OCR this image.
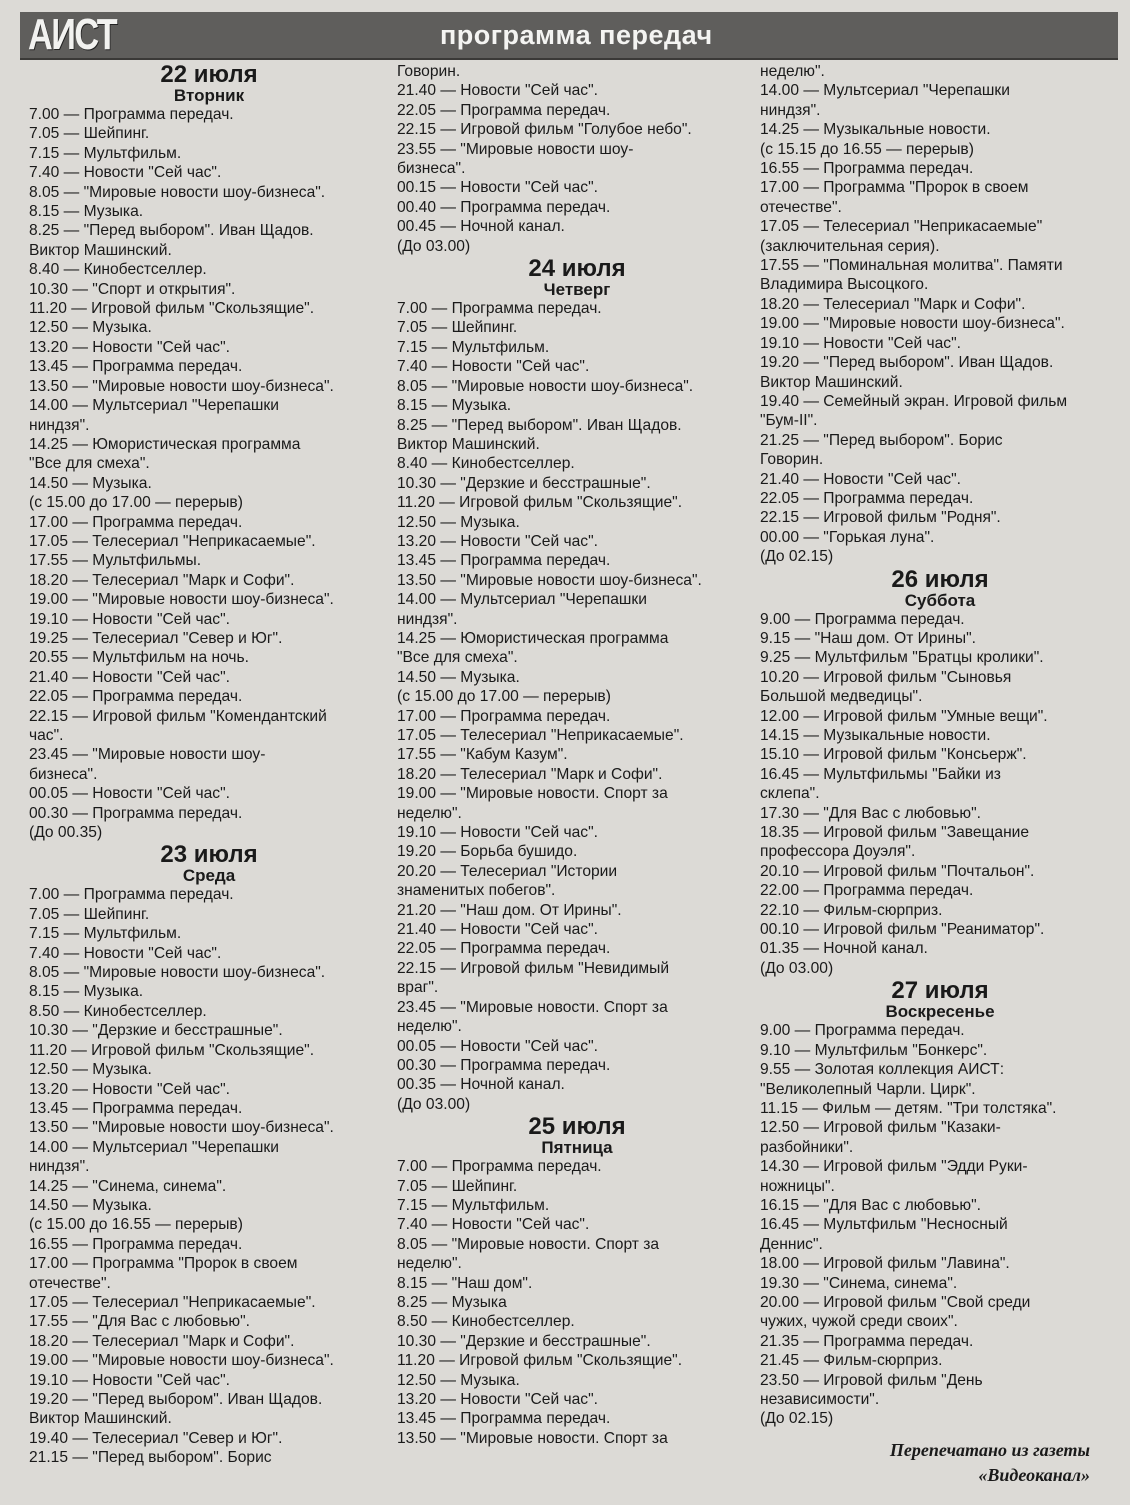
АИСТ	программа передач
22 июля
Вторник
7.00 — Программа передач.
7.05 — Шейпинг.
7.15 — Мультфильм.
7.40 — Новости "Сей час".
8.05 — "Мировые новости шоу-бизнеса".
8.15 — Музыка.
8.25 — "Перед выбором". Иван Щадов.
Виктор Машинский.
8.40 — Кинобестселлер.
10.30 — "Спорт и открытия".
11.20 — Игровой фильм "Скользящие".
12.50 — Музыка.
13.20 — Новости "Сей час".
13.45 — Программа передач.
13.50 — "Мировые новости шоу-бизнеса".
14.00 — Мультсериал "Черепашки
ниндзя".
14.25 — Юмористическая программа
"Все для смеха".
14.50 — Музыка.
(с 15.00 до 17.00 — перерыв)
17.00 — Программа передач.
17.05 — Телесериал "Неприкасаемые".
17.55 — Мультфильмы.
18.20 — Телесериал "Марк и Софи".
19.00 — "Мировые новости шоу-бизнеса".
19.10 — Новости "Сей час".
19.25 — Телесериал "Север и Юг".
20.55 — Мультфильм на ночь.
21.40 — Новости "Сей час".
22.05 — Программа передач.
22.15 — Игровой фильм "Комендантский
час".
23.45 — "Мировые новости шоу-
бизнеса".
00.05 — Новости "Сей час".
00.30 — Программа передач.
(До 00.35)
23 июля
Среда
7.00 — Программа передач.
7.05 — Шейпинг.
7.15 — Мультфильм.
7.40 — Новости "Сей час".
8.05 — "Мировые новости шоу-бизнеса".
8.15 — Музыка.
8.50 — Кинобестселлер.
10.30 — "Дерзкие и бесстрашные".
11.20 — Игровой фильм "Скользящие".
12.50 — Музыка.
13.20 — Новости "Сей час".
13.45 — Программа передач.
13.50 — "Мировые новости шоу-бизнеса".
14.00 — Мультсериал "Черепашки
ниндзя".
14.25 — "Синема, синема".
14.50 — Музыка.
(с 15.00 до 16.55 — перерыв)
16.55 — Программа передач.
17.00 — Программа "Пророк в своем
отечестве".
17.05 — Телесериал "Неприкасаемые".
17.55 — "Для Вас с любовью".
18.20 — Телесериал "Марк и Софи".
19.00 — "Мировые новости шоу-бизнеса".
19.10 — Новости "Сей час".
19.20 — "Перед выбором". Иван Щадов.
Виктор Машинский.
19.40 — Телесериал "Север и Юг".
21.15 — "Перед выбором". Борис
Говорин.
21.40 — Новости "Сей час".
22.05 — Программа передач.
22.15 — Игровой фильм "Голубое небо".
23.55 — "Мировые новости шоу-
бизнеса".
00.15 — Новости "Сей час".
00.40 — Программа передач.
00.45 — Ночной канал.
(До 03.00)
24 июля
Четверг
7.00 — Программа передач.
7.05 — Шейпинг.
7.15 — Мультфильм.
7.40 — Новости "Сей час".
8.05 — "Мировые новости шоу-бизнеса".
8.15 — Музыка.
8.25 — "Перед выбором". Иван Щадов.
Виктор Машинский.
8.40 — Кинобестселлер.
10.30 — "Дерзкие и бесстрашные".
11.20 — Игровой фильм "Скользящие".
12.50 — Музыка.
13.20 — Новости "Сей час".
13.45 — Программа передач.
13.50 — "Мировые новости шоу-бизнеса".
14.00 — Мультсериал "Черепашки
ниндзя".
14.25 — Юмористическая программа
"Все для смеха".
14.50 — Музыка.
(с 15.00 до 17.00 — перерыв)
17.00 — Программа передач.
17.05 — Телесериал "Неприкасаемые".
17.55 — "Кабум Казум".
18.20 — Телесериал "Марк и Софи".
19.00 — "Мировые новости. Спорт за
неделю".
19.10 — Новости "Сей час".
19.20 — Борьба бушидо.
20.20 — Телесериал "Истории
знаменитых побегов".
21.20 — "Наш дом. От Ирины".
21.40 — Новости "Сей час".
22.05 — Программа передач.
22.15 — Игровой фильм "Невидимый
враг".
23.45 — "Мировые новости. Спорт за
неделю".
00.05 — Новости "Сей час".
00.30 — Программа передач.
00.35 — Ночной канал.
(До 03.00)
25 июля
Пятница
7.00 — Программа передач.
7.05 — Шейпинг.
7.15 — Мультфильм.
7.40 — Новости "Сей час".
8.05 — "Мировые новости. Спорт за
неделю".
8.15 — "Наш дом".
8.25 — Музыка
8.50 — Кинобестселлер.
10.30 — "Дерзкие и бесстрашные".
11.20 — Игровой фильм "Скользящие".
12.50 — Музыка.
13.20 — Новости "Сей час".
13.45 — Программа передач.
13.50 — "Мировые новости. Спорт за
неделю".
14.00 — Мультсериал "Черепашки
ниндзя".
14.25 — Музыкальные новости.
(с 15.15 до 16.55 — перерыв)
16.55 — Программа передач.
17.00 — Программа "Пророк в своем
отечестве".
17.05 — Телесериал "Неприкасаемые"
(заключительная серия).
17.55 — "Поминальная молитва". Памяти
Владимира Высоцкого.
18.20 — Телесериал "Марк и Софи".
19.00 — "Мировые новости шоу-бизнеса".
19.10 — Новости "Сей час".
19.20 — "Перед выбором". Иван Щадов.
Виктор Машинский.
19.40 — Семейный экран. Игровой фильм
"Бум-II".
21.25 — "Перед выбором". Борис
Говорин.
21.40 — Новости "Сей час".
22.05 — Программа передач.
22.15 — Игровой фильм "Родня".
00.00 — "Горькая луна".
(До 02.15)
26 июля
Суббота
9.00 — Программа передач.
9.15 — "Наш дом. От Ирины".
9.25 — Мультфильм "Братцы кролики".
10.20 — Игровой фильм "Сыновья
Большой медведицы".
12.00 — Игровой фильм "Умные вещи".
14.15 — Музыкальные новости.
15.10 — Игровой фильм "Консьерж".
16.45 — Мультфильмы "Байки из
склепа".
17.30 — "Для Вас с любовью".
18.35 — Игровой фильм "Завещание
профессора Доуэля".
20.10 — Игровой фильм "Почтальон".
22.00 — Программа передач.
22.10 — Фильм-сюрприз.
00.10 — Игровой фильм "Реаниматор".
01.35 — Ночной канал.
(До 03.00)
27 июля
Воскресенье
9.00 — Программа передач.
9.10 — Мультфильм "Бонкерс".
9.55 — Золотая коллекция АИСТ:
"Великолепный Чарли. Цирк".
11.15 — Фильм — детям. "Три толстяка".
12.50 — Игровой фильм "Казаки-
разбойники".
14.30 — Игровой фильм "Эдди Руки-
ножницы".
16.15 — "Для Вас с любовью".
16.45 — Мультфильм "Несносный
Деннис".
18.00 — Игровой фильм "Лавина".
19.30 — "Синема, синема".
20.00 — Игровой фильм "Свой среди
чужих, чужой среди своих".
21.35 — Программа передач.
21.45 — Фильм-сюрприз.
23.50 — Игровой фильм "День
независимости".
(До 02.15)
Перепечатано из газеты
«Видеоканал»
